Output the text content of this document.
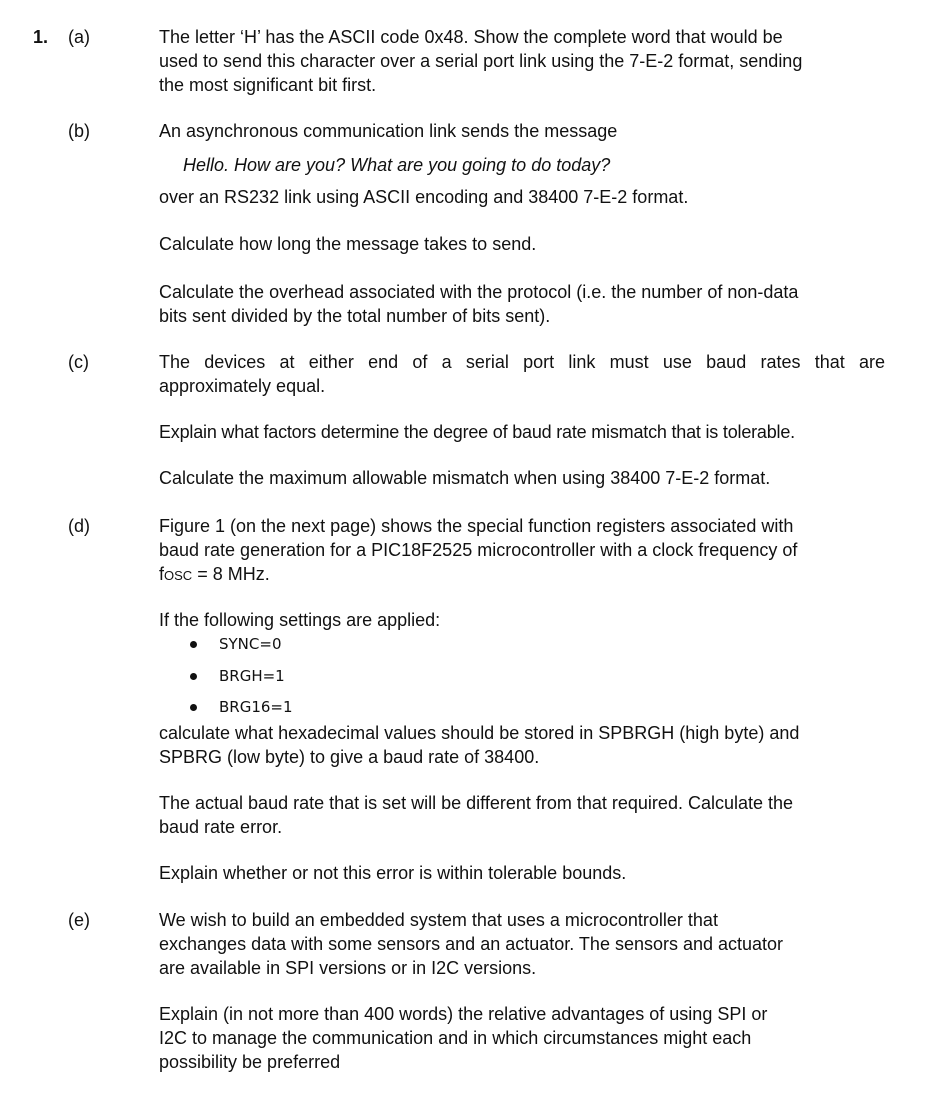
1. (a)	The letter ‘H’ has the ASCII code 0x48. Show the complete word that would be
used to send this character over a serial port link using the 7-E-2 format, sending
the most significant bit first.
(b)	An asynchronous communication link sends the message
Hello. How are you? What are you going to do today?
over an RS232 link using ASCII encoding and 38400 7-E-2 format.
Calculate how long the message takes to send.
Calculate the overhead associated with the protocol (i.e. the number of non-data
bits sent divided by the total number of bits sent).
(c)	The devices at either end of a serial port link must use baud rates that are
approximately equal.
Explain what factors determine the degree of baud rate mismatch that is tolerable.
Calculate the maximum allowable mismatch when using 38400 7-E-2 format.
(d)	Figure 1 (on the next page) shows the special function registers associated with
baud rate generation for a PIC18F2525 microcontroller with a clock frequency of
fOSC = 8 MHz.
If the following settings are applied:
SYNC=0
BRGH=1
BRG16=1
calculate what hexadecimal values should be stored in SPBRGH (high byte) and
SPBRG (low byte) to give a baud rate of 38400.
The actual baud rate that is set will be different from that required. Calculate the
baud rate error.
Explain whether or not this error is within tolerable bounds.
(e)	We wish to build an embedded system that uses a microcontroller that
exchanges data with some sensors and an actuator. The sensors and actuator
are available in SPI versions or in I2C versions.
Explain (in not more than 400 words) the relative advantages of using SPI or
I2C to manage the communication and in which circumstances might each
possibility be preferred
